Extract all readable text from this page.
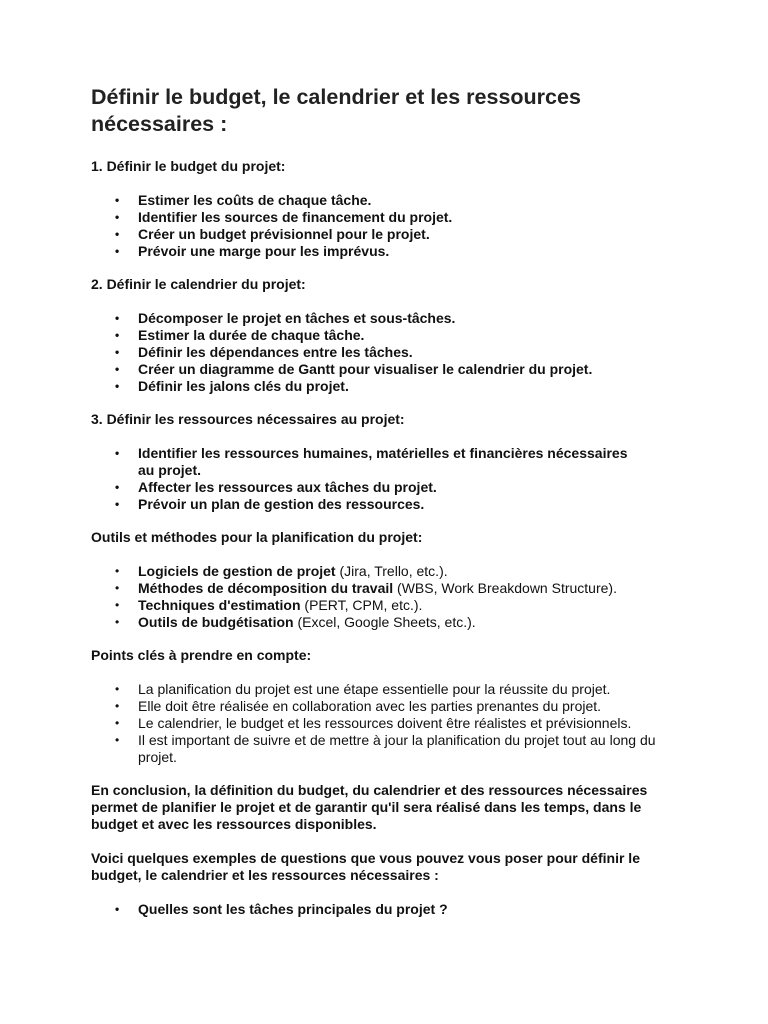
Définir le budget, le calendrier et les ressources nécessaires :
1. Définir le budget du projet:
• Estimer les coûts de chaque tâche.
• Identifier les sources de financement du projet.
• Créer un budget prévisionnel pour le projet.
• Prévoir une marge pour les imprévus.
2. Définir le calendrier du projet:
• Décomposer le projet en tâches et sous-tâches.
• Estimer la durée de chaque tâche.
• Définir les dépendances entre les tâches.
• Créer un diagramme de Gantt pour visualiser le calendrier du projet.
• Définir les jalons clés du projet.
3. Définir les ressources nécessaires au projet:
• Identifier les ressources humaines, matérielles et financières nécessaires au projet.
• Affecter les ressources aux tâches du projet.
• Prévoir un plan de gestion des ressources.
Outils et méthodes pour la planification du projet:
• Logiciels de gestion de projet (Jira, Trello, etc.).
• Méthodes de décomposition du travail (WBS, Work Breakdown Structure).
• Techniques d'estimation (PERT, CPM, etc.).
• Outils de budgétisation (Excel, Google Sheets, etc.).
Points clés à prendre en compte:
• La planification du projet est une étape essentielle pour la réussite du projet.
• Elle doit être réalisée en collaboration avec les parties prenantes du projet.
• Le calendrier, le budget et les ressources doivent être réalistes et prévisionnels.
• Il est important de suivre et de mettre à jour la planification du projet tout au long du projet.

En conclusion, la définition du budget, du calendrier et des ressources nécessaires permet de planifier le projet et de garantir qu'il sera réalisé dans les temps, dans le budget et avec les ressources disponibles.

Voici quelques exemples de questions que vous pouvez vous poser pour définir le budget, le calendrier et les ressources nécessaires :

• Quelles sont les tâches principales du projet ?
